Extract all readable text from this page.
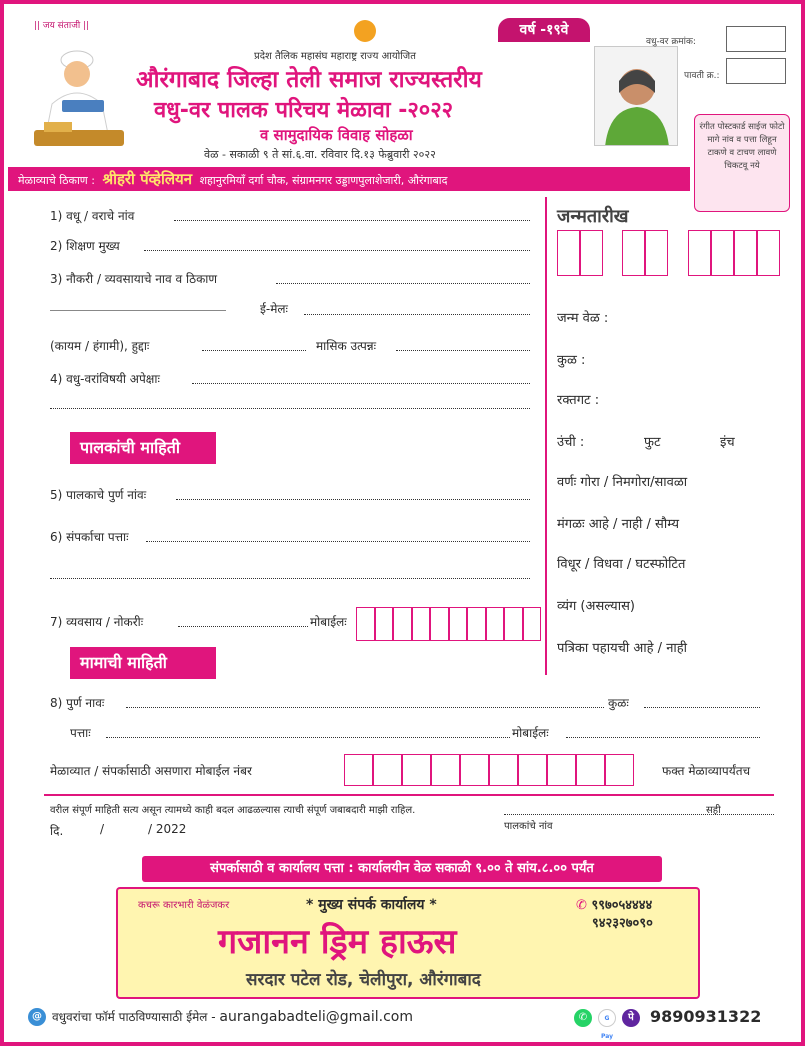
|| जय संताजी ||	वर्ष -१९वे
प्रदेश तैलिक महासंघ महाराष्ट्र राज्य आयोजित
औरंगाबाद जिल्हा तेली समाज राज्यस्तरीय
वधु-वर पालक परिचय मेळावा -२०२२
व सामुदायिक विवाह सोहळा
वेळ - सकाळी ९ ते सां.६.वा. रविवार दि.१३ फेब्रुवारी २०२२
वधु-वर क्रमांक:
पावती क्र.:
रंगीत पोस्टकार्ड साईज फोटो मागे नांव व पत्ता लिहून टाकणे व टाचण लावणे चिकटवू नये
मेळाव्याचे ठिकाण : श्रीहरी पॅव्हेलियन शहानुरमियाँ दर्गा चौक, संग्रामनगर उड्डाणपुलाशेजारी, औरंगाबाद
1) वधू / वराचे नांव
2) शिक्षण मुख्य
3) नौकरी / व्यवसायाचे नाव व ठिकाण
ई-मेलः
(कायम / हंगामी), हुद्दाः	मासिक उत्पन्नः
4) वधु-वरांविषयी अपेक्षाः
पालकांची माहिती
5) पालकाचे पुर्ण नांवः
6) संपर्काचा पत्ताः
7) व्यवसाय / नोकरीः	मोबाईलः
मामाची माहिती
जन्मतारीख
जन्म वेळ :
कुळ :
रक्तगट :
उंची :	फुट	इंच
वर्णः गोरा / निमगोरा/सावळा
मंगळः आहे / नाही / सौम्य
विधूर / विधवा / घटस्फोटित
व्यंग (असल्यास)
पत्रिका पहायची आहे / नाही
8) पुर्ण नावः	कुळः
पत्ताः	मोबाईलः
मेळाव्यात / संपर्कासाठी असणारा मोबाईल नंबर	फक्त मेळाव्यापर्यंतच
वरील संपूर्ण माहिती सत्य असून त्यामध्ये काही बदल आढळल्यास त्याची संपूर्ण जबाबदारी माझी राहिल.	सही
दि.	/	/ 2022	पालकांचे नांव
संपर्कासाठी व कार्यालय पत्ता : कार्यालयीन वेळ सकाळी ९.०० ते सांय.८.०० पर्यंत
कचरू कारभारी वेळंजकर	* मुख्य संपर्क कार्यालय *	✆ ९९७०५४४४४
९४२३२७०९०
गजानन ड्रिम हाऊस
सरदार पटेल रोड, चेलीपुरा, औरंगाबाद
@ वधुवरांचा फॉर्म पाठविण्यासाठी ईमेल - aurangabadteli@gmail.com	✆	G Pay
पे	9890931322
